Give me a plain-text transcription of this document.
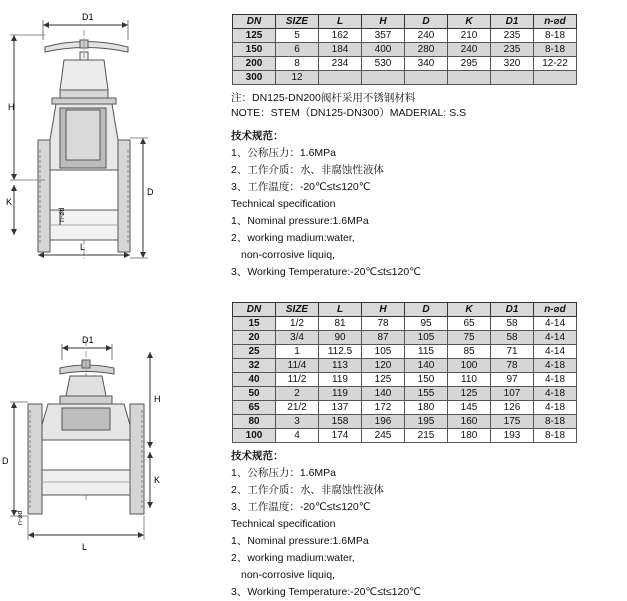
D1
H
K
D
L
n-⌀d
D1
H
K
D
L
n-⌀d
DN	SIZE	L	H	D	K	D1	n-⌀d
125	5	162	357	240	210	235	8-18
150	6	184	400	280	240	235	8-18
200	8	234	530	340	295	320	12-22
300	12						
注：DN125-DN200阀杆采用不锈钢材料
NOTE：STEM（DN125-DN300）MADERIAL: S.S
技术规范：
1、公称压力：1.6MPa
2、工作介质：水、非腐蚀性液体
3、工作温度：-20℃≤t≤120℃
Technical specification
1、Nominal pressure:1.6MPa
2、working madium:water,
non-corrosive liquiq,
3、Working Temperature:-20℃≤t≤120℃
DN	SIZE	L	H	D	K	D1	n-⌀d
15	1/2	81	78	95	65	58	4-14
20	3/4	90	87	105	75	58	4-14
25	1	112.5	105	115	85	71	4-14
32	11/4	113	120	140	100	78	4-18
40	11/2	119	125	150	110	97	4-18
50	2	119	140	155	125	107	4-18
65	21/2	137	172	180	145	126	4-18
80	3	158	196	195	160	175	8-18
100	4	174	245	215	180	193	8-18
技术规范：
1、公称压力：1.6MPa
2、工作介质：水、非腐蚀性液体
3、工作温度：-20℃≤t≤120℃
Technical specification
1、Nominal pressure:1.6MPa
2、working madium:water,
non-corrosive liquiq,
3、Working Temperature:-20℃≤t≤120℃
